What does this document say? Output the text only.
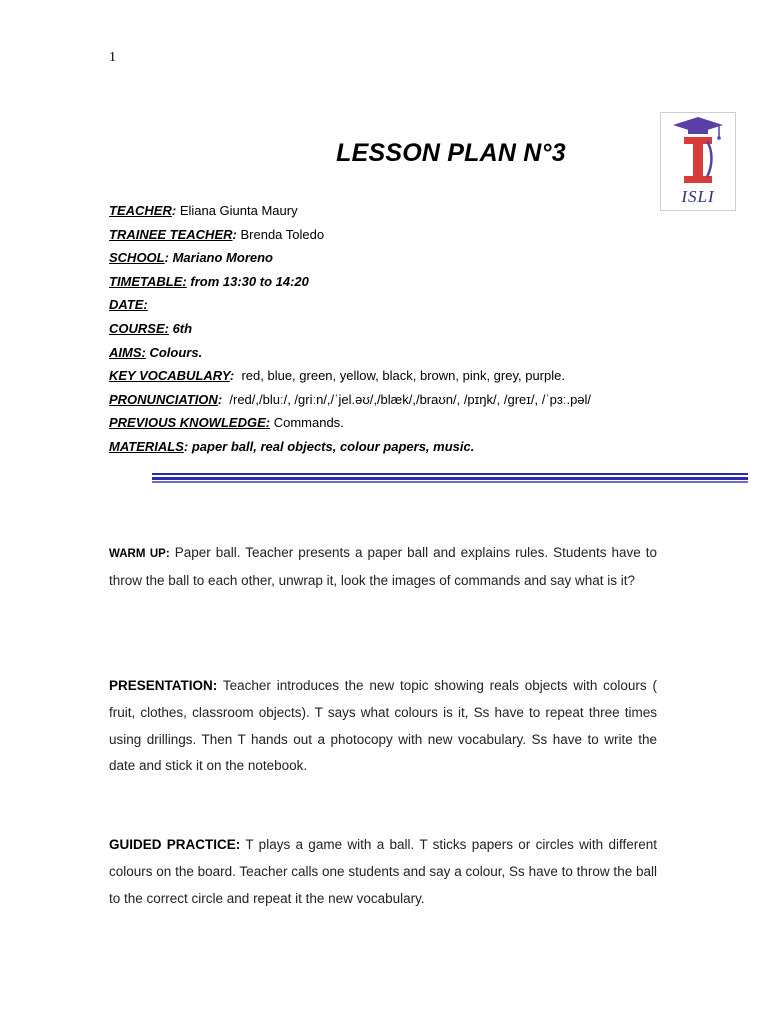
1
LESSON PLAN N°3
ISLI
TEACHER: Eliana Giunta Maury
TRAINEE TEACHER: Brenda Toledo
SCHOOL: Mariano Moreno
TIMETABLE: from 13:30 to 14:20
DATE:
COURSE: 6th
AIMS: Colours.
KEY VOCABULARY: red, blue, green, yellow, black, brown, pink, grey, purple.
PRONUNCIATION: /red/,/bluː/, /griːn/,/ˈjel.əʊ/,/blæk/,/braʊn/, /pɪŋk/, /greɪ/, /ˈpɜː.pəl/
PREVIOUS KNOWLEDGE: Commands.
MATERIALS: paper ball, real objects, colour papers, music.
WARM UP: Paper ball. Teacher presents a paper ball and explains rules. Students have to throw the ball to each other, unwrap it, look the images of commands and say what is it?
PRESENTATION: Teacher introduces the new topic showing reals objects with colours ( fruit, clothes, classroom objects). T says what colours is it, Ss have to repeat three times using drillings. Then T hands out a photocopy with new vocabulary. Ss have to write the date and stick it on the notebook.
GUIDED PRACTICE: T plays a game with a ball. T sticks papers or circles with different colours on the board. Teacher calls one students and say a colour, Ss have to throw the ball to the correct circle and repeat it the new vocabulary.
